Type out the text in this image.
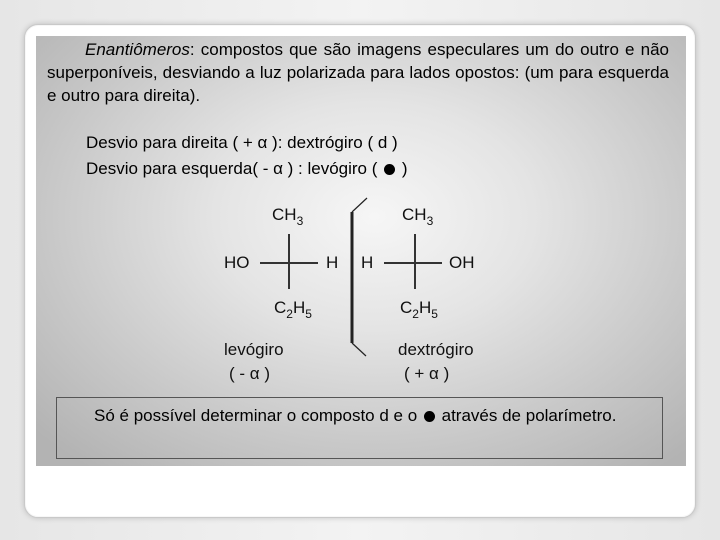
Enantiômeros: compostos que são imagens especulares um do outro e não superponíveis, desviando a luz polarizada para lados opostos: (um para esquerda e outro para direita).
Desvio para direita ( + α ): dextrógiro ( d )
Desvio para esquerda( - α ) : levógiro (  )
$CH_3$
HO	H
$C_2H_5$
levógiro
( - α )
$CH_3$
H	OH
$C_2H_5$
dextrógiro
( + α )
Só é possível determinar o composto d e o  através de polarímetro.
